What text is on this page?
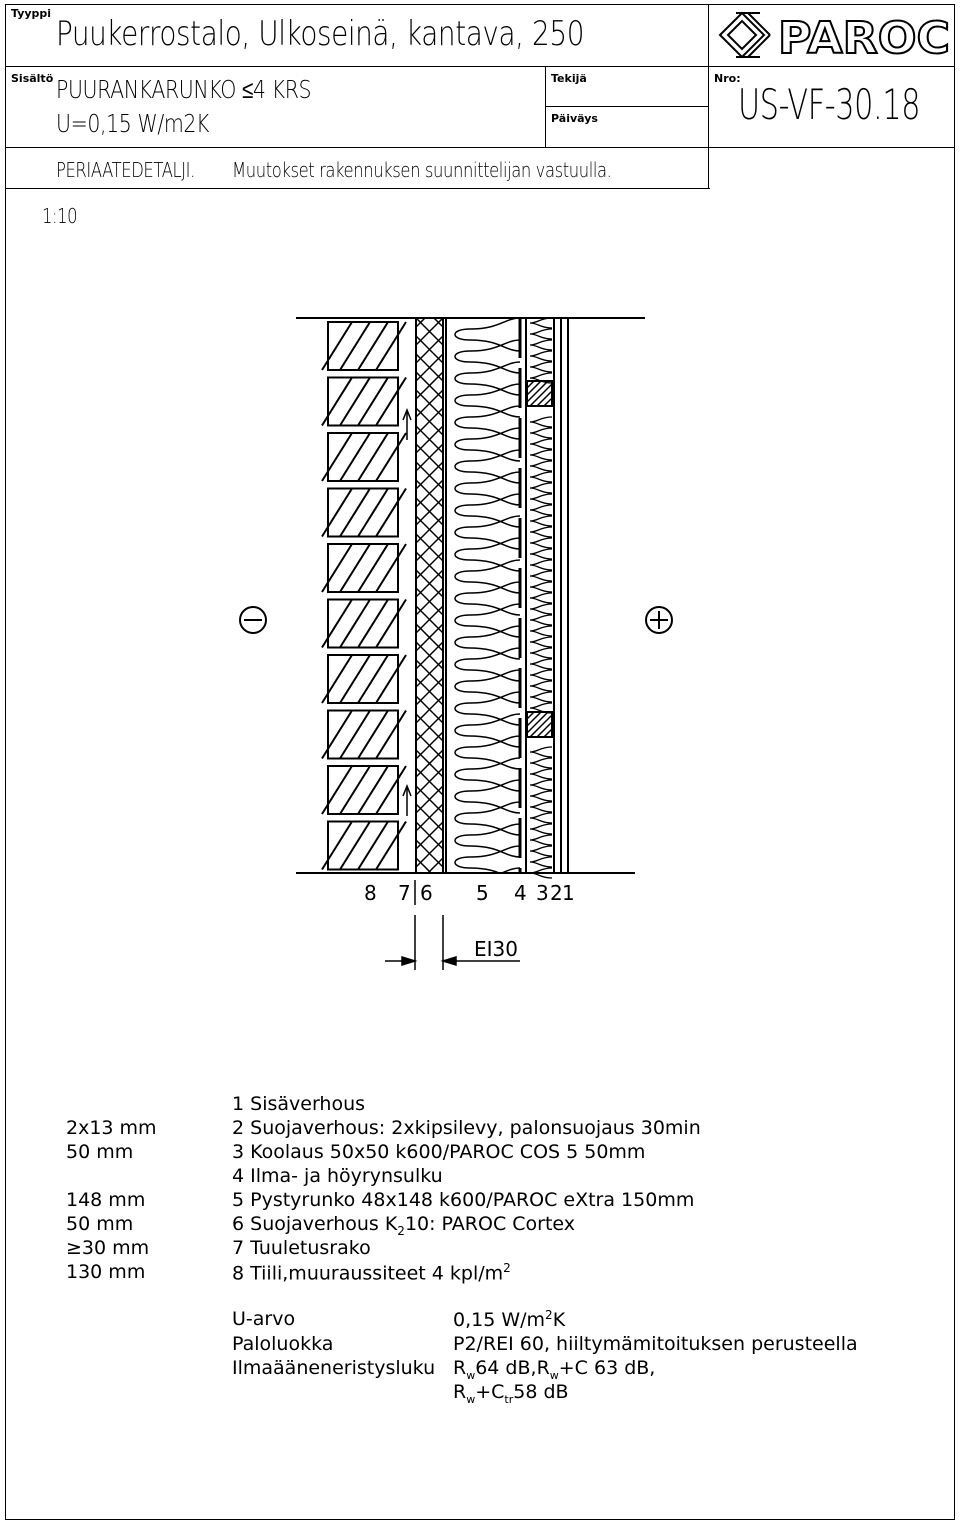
Tyyppi
Puukerrostalo, Ulkoseinä, kantava, 250
Sisältö PUURANKARUNKO ≤4 KRS
U=0,15 W/m2K
Tekijä
Päiväys
Nro:
US-VF-30.18
PERIAATEDETALJI. Muutokset rakennuksen suunnittelijan vastuulla.
PAROC
1:10
8 7 6 5 4 3 2 1
EI30
1 Sisäverhous
2x13 mm	2 Suojaverhous: 2xkipsilevy, palonsuojaus 30min
50 mm	3 Koolaus 50x50 k600/PAROC COS 5 50mm
4 Ilma- ja höyrynsulku
148 mm	5 Pystyrunko 48x148 k600/PAROC eXtra 150mm
50 mm	6 Suojaverhous $K_210$: PAROC Cortex
≥30 mm	7 Tuuletusrako
130 mm	8 Tiili,muuraussiteet 4 kpl/$m^2$
U-arvo	0,15 $W/m^2K$
Paloluokka	P2/REI 60, hiiltymämitoituksen perusteella
Ilmaääneneristysluku $R_w64$ $dB,R_w+C$ 63 dB,
$R_w+C_{tr}58$ dB
